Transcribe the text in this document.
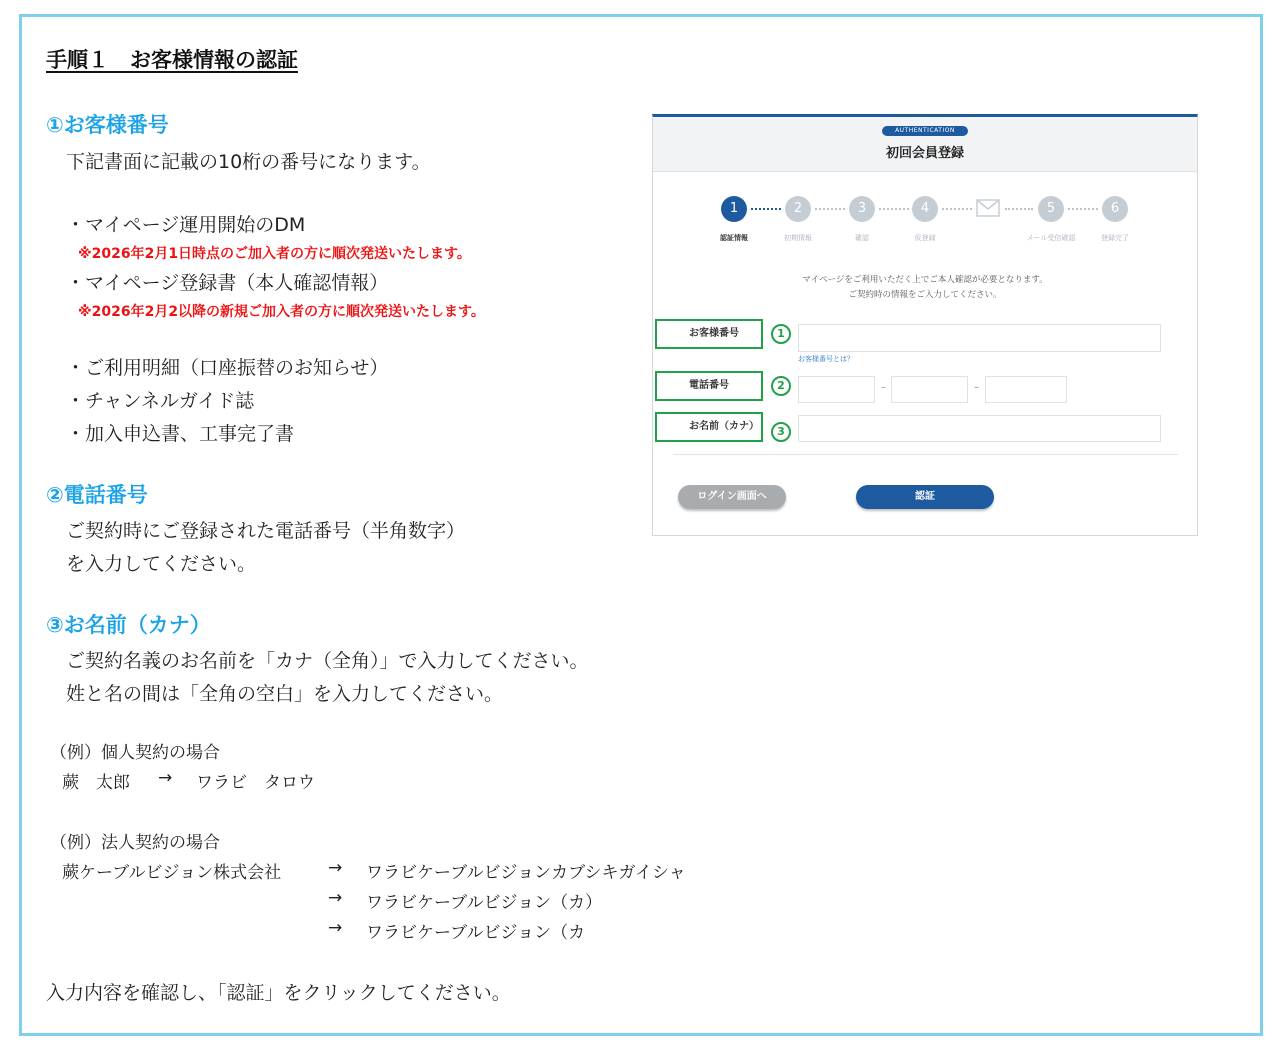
手順１　お客様情報の認証
①お客様番号
下記書面に記載の10桁の番号になります。
・マイページ運用開始のDM
※2026年2月1日時点のご加入者の方に順次発送いたします。
・マイページ登録書（本人確認情報）
※2026年2月2以降の新規ご加入者の方に順次発送いたします。
・ご利用明細（口座振替のお知らせ）
・チャンネルガイド誌
・加入申込書、工事完了書
②電話番号
ご契約時にご登録された電話番号（半角数字）
を入力してください。
③お名前（カナ）
ご契約名義のお名前を「カナ（全角）」で入力してください。
姓と名の間は「全角の空白」を入力してください。
（例）個人契約の場合
蕨　太郎 → ワラビ　タロウ
（例）法人契約の場合
蕨ケーブルビジョン株式会社	→ ワラビケーブルビジョンカブシキガイシャ
→ ワラビケーブルビジョン（カ）
→ ワラビケーブルビジョン（カ
入力内容を確認し、「認証」をクリックしてください。
AUTHENTICATION
初回会員登録
1	2	3	4	5	6
認証情報	初期情報	確認	仮登録	メール受信確認	登録完了
マイページをご利用いただく上でご本人確認が必要となります。
ご契約時の情報をご入力してください。
お客様番号	1
お客様番号とは？
電話番号	2	–	–
お名前（カナ）	3
ログイン画面へ	認証
